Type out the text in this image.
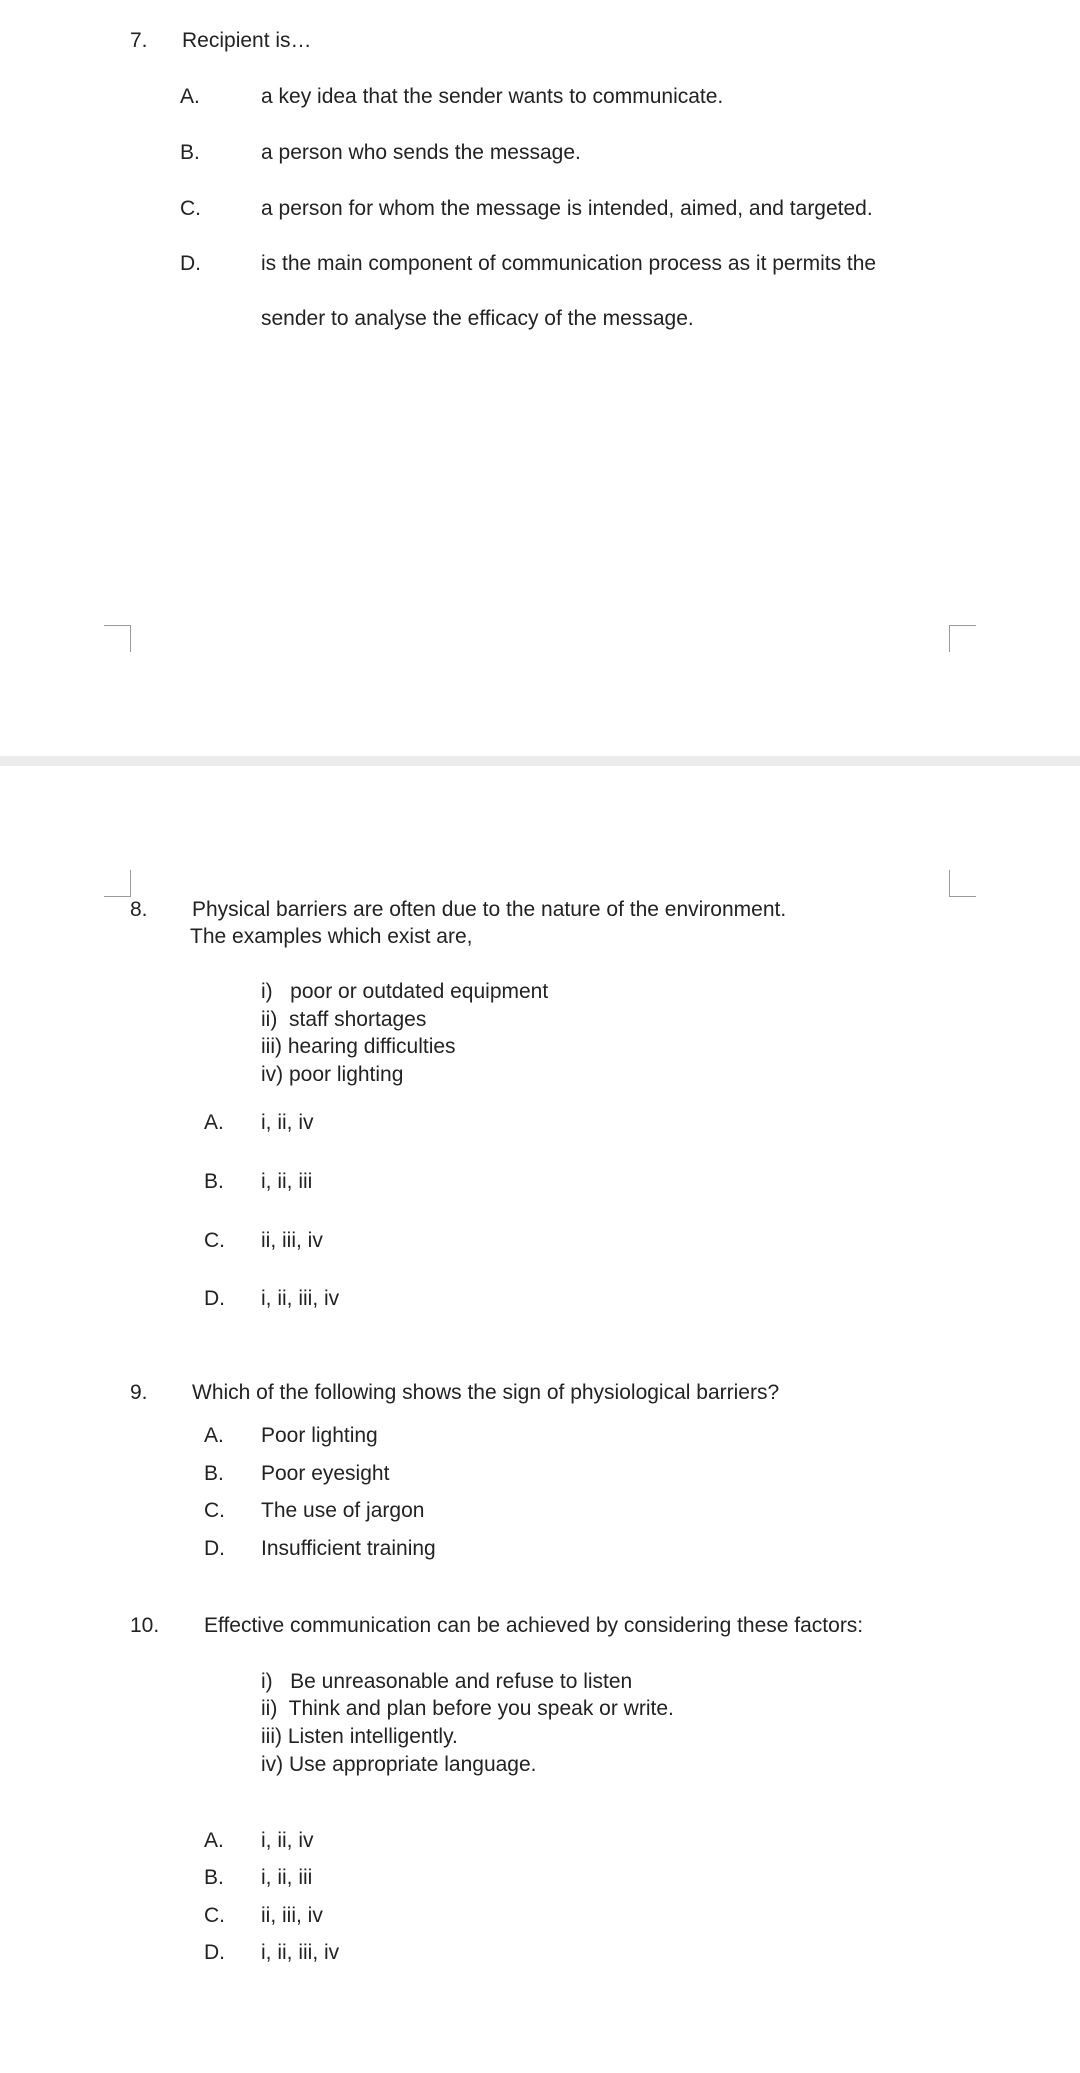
7. Recipient is…
A.	a key idea that the sender wants to communicate.
B.	a person who sends the message.
C.	a person for whom the message is intended, aimed, and targeted.
D.	is the main component of communication process as it permits the
sender to analyse the efficacy of the message.
8. Physical barriers are often due to the nature of the environment.
The examples which exist are,
i)   poor or outdated equipment
ii)  staff shortages
iii) hearing difficulties
iv) poor lighting
A. i, ii, iv
B. i, ii, iii
C. ii, iii, iv
D. i, ii, iii, iv
9. Which of the following shows the sign of physiological barriers?
A. Poor lighting
B. Poor eyesight
C. The use of jargon
D. Insufficient training
10. Effective communication can be achieved by considering these factors:
i)   Be unreasonable and refuse to listen
ii)  Think and plan before you speak or write.
iii) Listen intelligently.
iv) Use appropriate language.
A. i, ii, iv
B. i, ii, iii
C. ii, iii, iv
D. i, ii, iii, iv
